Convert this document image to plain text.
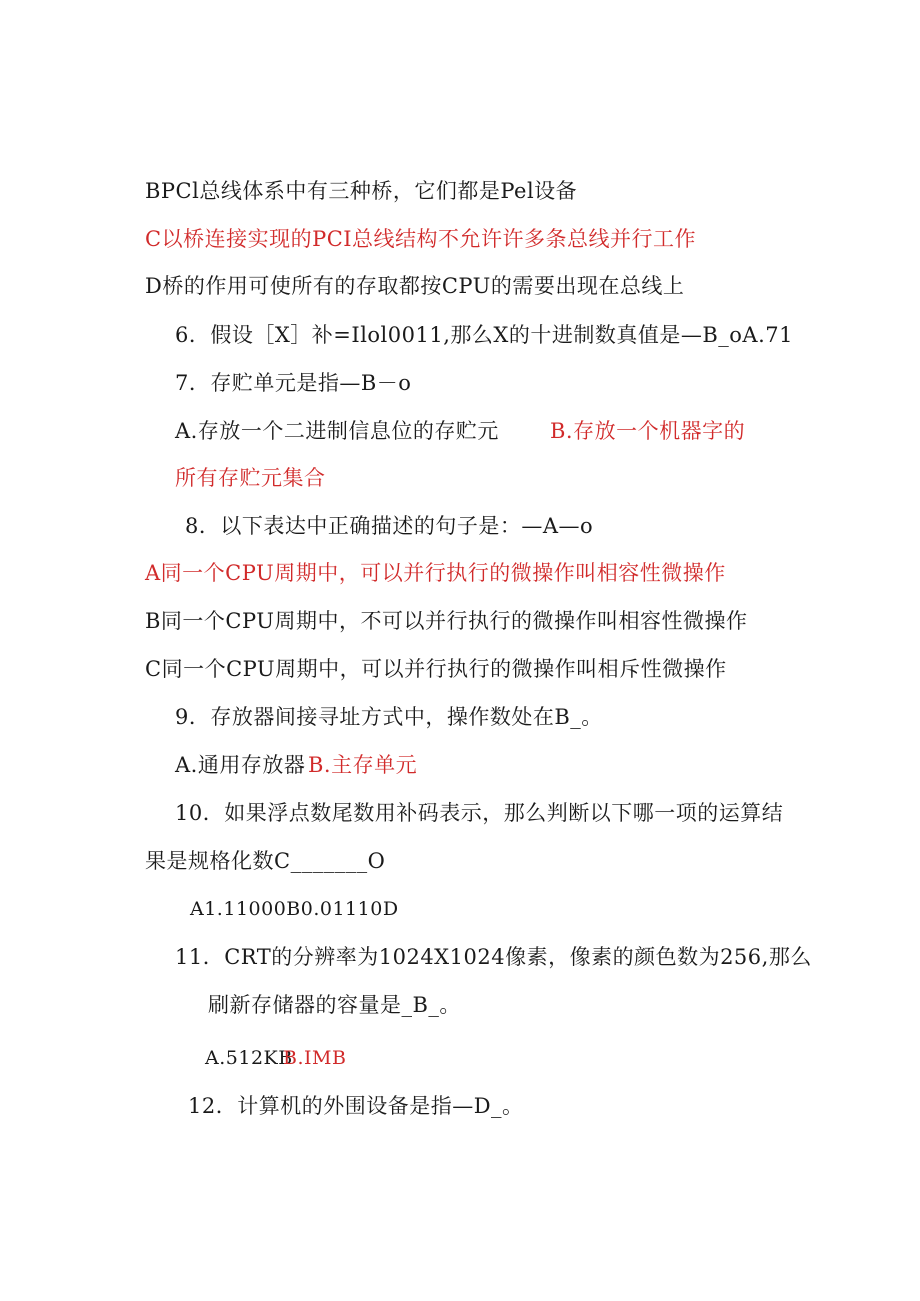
BPCl总线体系中有三种桥，它们都是Pel设备
C以桥连接实现的PCI总线结构不允许许多条总线并行工作
D桥的作用可使所有的存取都按CPU的需要出现在总线上
6．假设［X］补=Ilol0011,那么X的十进制数真值是—B_oA.71
7．存贮单元是指—B－o
A.存放一个二进制信息位的存贮元 B.存放一个机器字的
所有存贮元集合
8．以下表达中正确描述的句子是：—A—o
A同一个CPU周期中，可以并行执行的微操作叫相容性微操作
B同一个CPU周期中，不可以并行执行的微操作叫相容性微操作
C同一个CPU周期中，可以并行执行的微操作叫相斥性微操作
9．存放器间接寻址方式中，操作数处在B_。
A.通用存放器 B.主存单元
10．如果浮点数尾数用补码表示，那么判断以下哪一项的运算结
果是规格化数C_______O
A1.11000B0.01110D
11．CRT的分辨率为1024X1024像素，像素的颜色数为256,那么
刷新存储器的容量是_B_。
A.512KB
B.IMB
12．计算机的外围设备是指—D_。
